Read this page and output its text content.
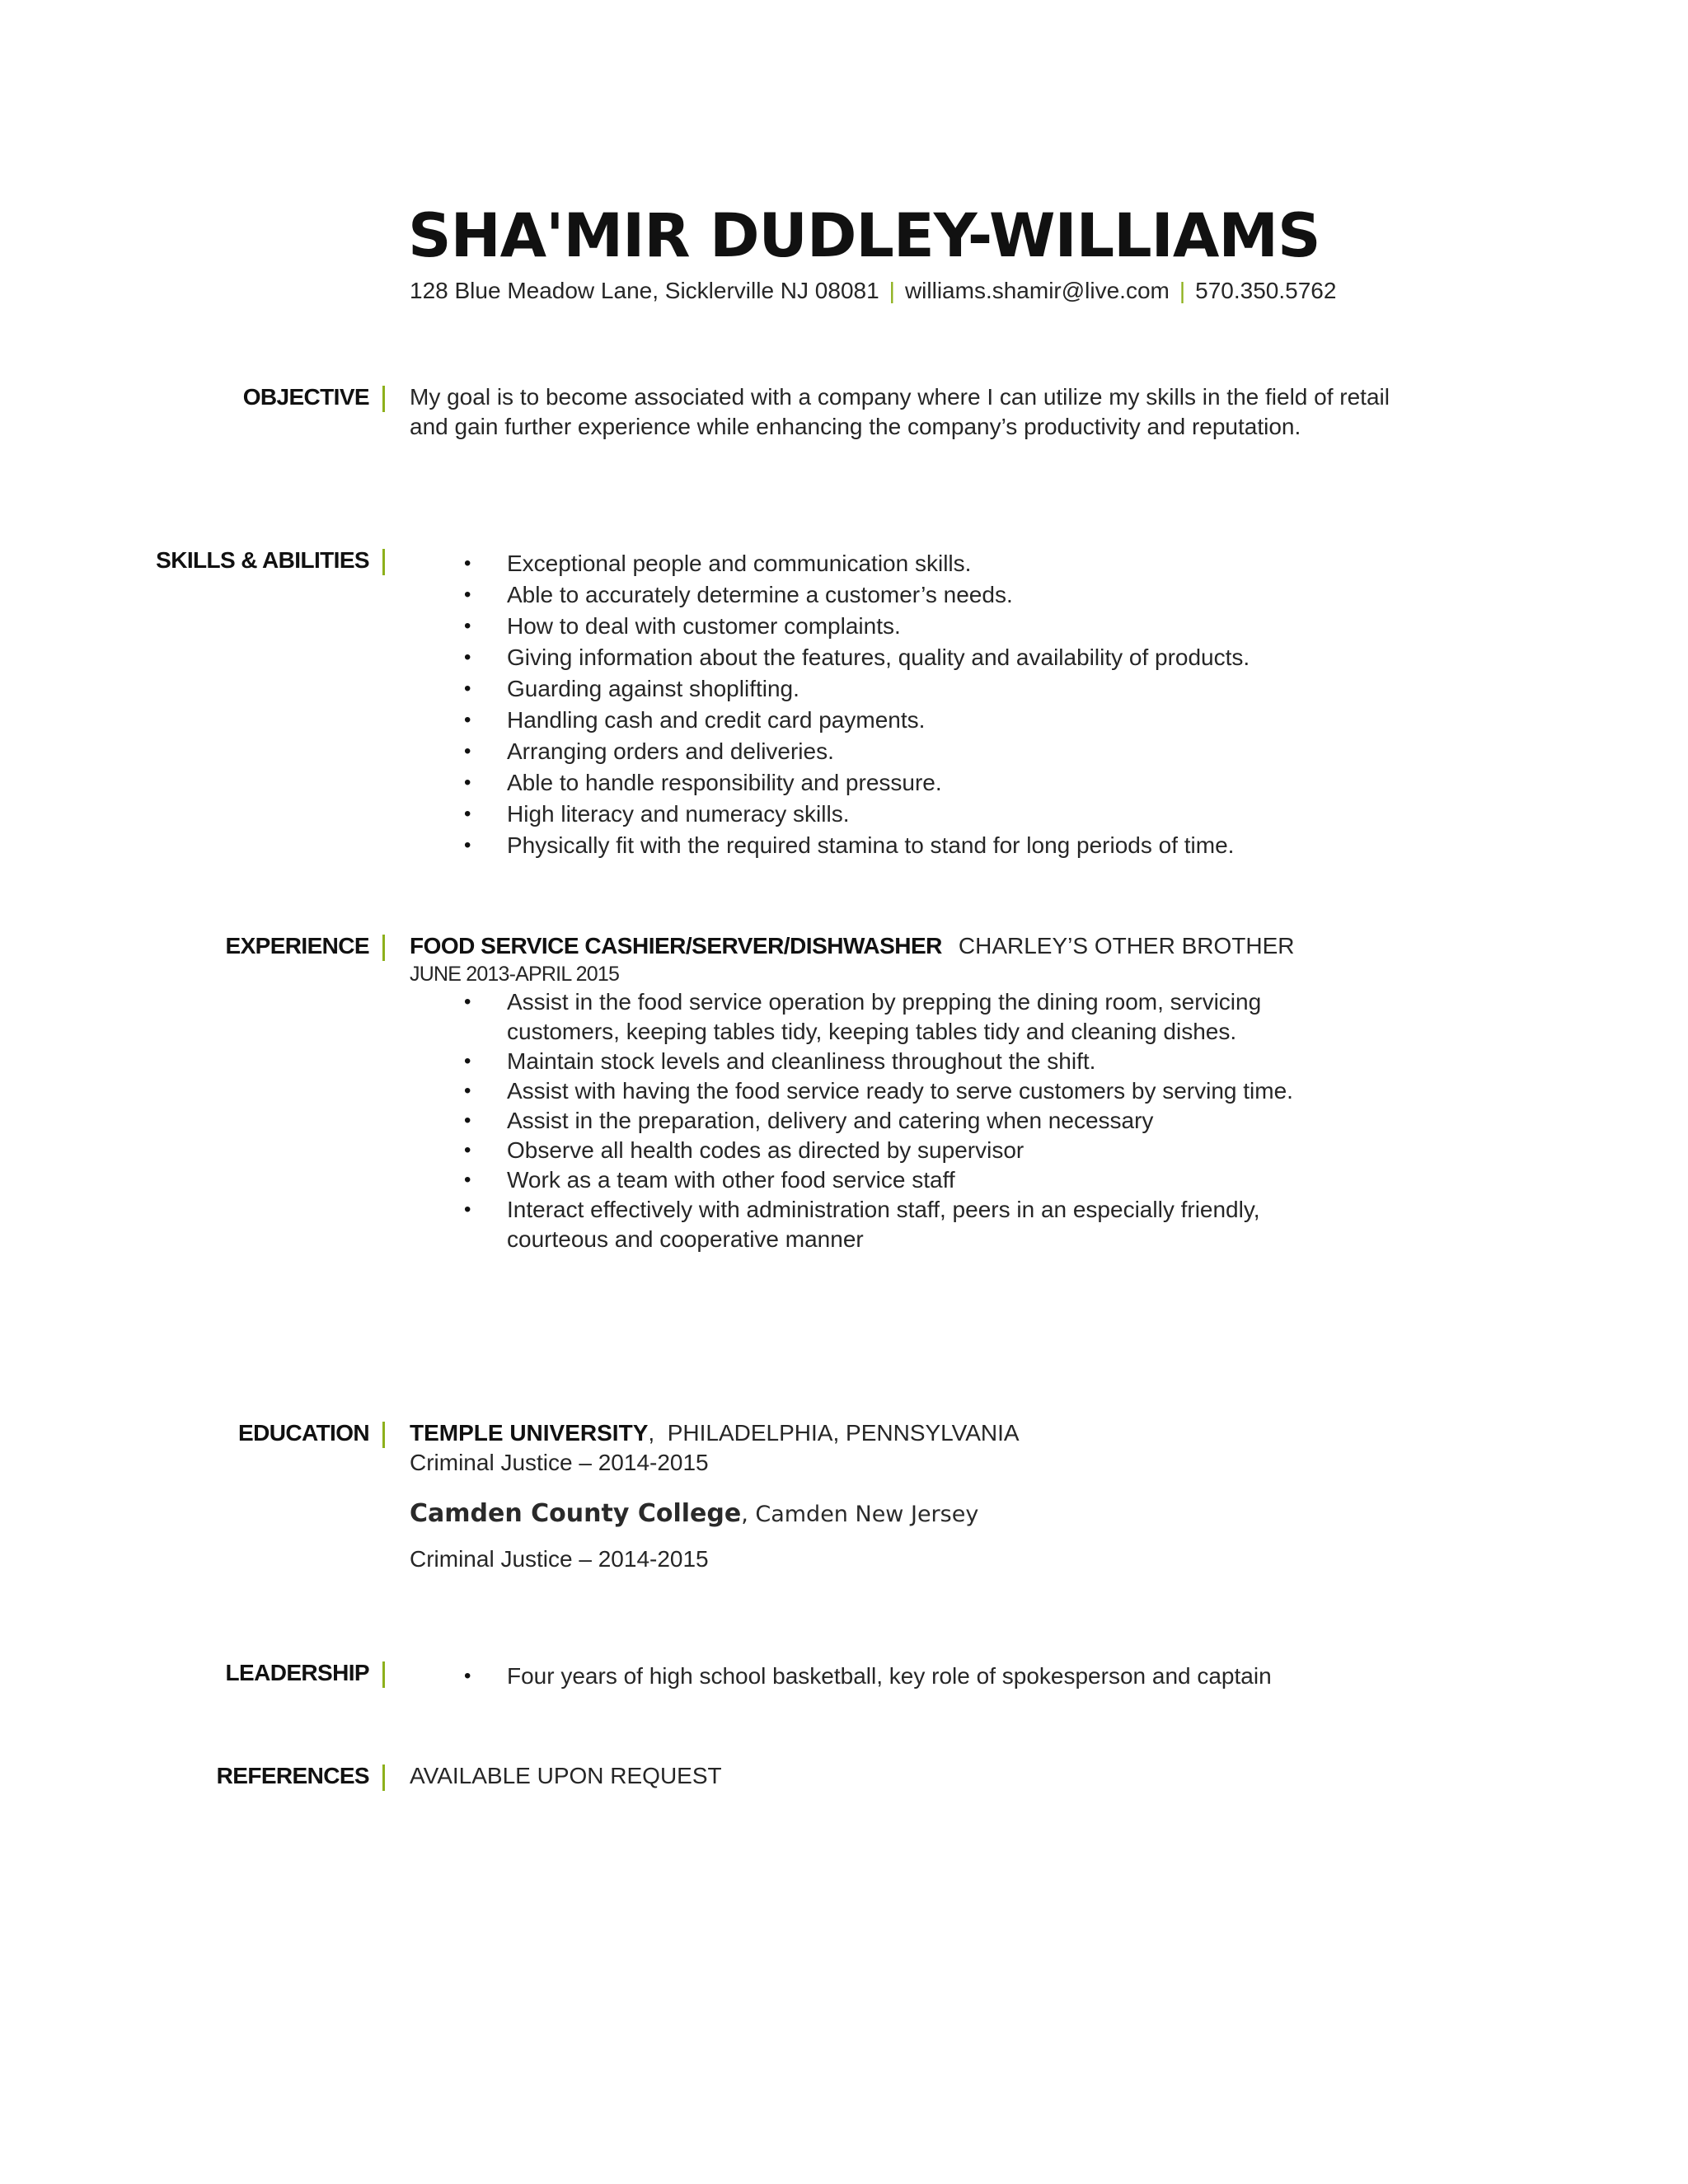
SHA'MIR DUDLEY-WILLIAMS
128 Blue Meadow Lane, Sicklerville NJ 08081 | williams.shamir@live.com | 570.350.5762
OBJECTIVE My goal is to become associated with a company where I can utilize my skills in the field of retail and gain further experience while enhancing the company’s productivity and reputation.

SKILLS & ABILITIES	• Exceptional people and communication skills.
• Able to accurately determine a customer’s needs.
• How to deal with customer complaints.
• Giving information about the features, quality and availability of products.
• Guarding against shoplifting.
• Handling cash and credit card payments.
• Arranging orders and deliveries.
• Able to handle responsibility and pressure.
• High literacy and numeracy skills.
• Physically fit with the required stamina to stand for long periods of time.
EXPERIENCE FOOD SERVICE CASHIER/SERVER/DISHWASHER CHARLEY’S OTHER BROTHER

JUNE 2013-APRIL 2015

• Assist in the food service operation by prepping the dining room, servicing customers, keeping tables tidy, keeping tables tidy and cleaning dishes.
• Maintain stock levels and cleanliness throughout the shift.
• Assist with having the food service ready to serve customers by serving time.
• Assist in the preparation, delivery and catering when necessary
• Observe all health codes as directed by supervisor
• Work as a team with other food service staff
• Interact effectively with administration staff, peers in an especially friendly, courteous and cooperative manner
EDUCATION TEMPLE UNIVERSITY,  PHILADELPHIA, PENNSYLVANIA

Criminal Justice – 2014-2015

Camden County College, Camden New Jersey

Criminal Justice – 2014-2015

LEADERSHIP	• Four years of high school basketball, key role of spokesperson and captain
REFERENCES AVAILABLE UPON REQUEST
